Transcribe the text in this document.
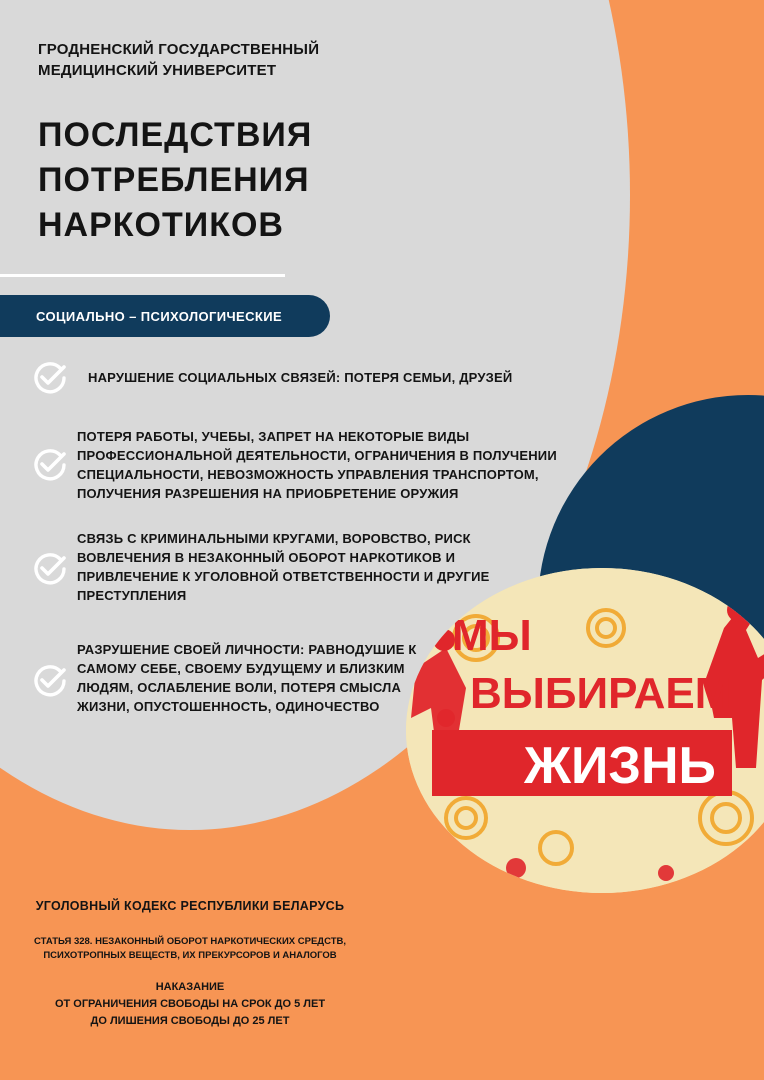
ГРОДНЕНСКИЙ ГОСУДАРСТВЕННЫЙ
МЕДИЦИНСКИЙ УНИВЕРСИТЕТ
ПОСЛЕДСТВИЯ
ПОТРЕБЛЕНИЯ
НАРКОТИКОВ
СОЦИАЛЬНО – ПСИХОЛОГИЧЕСКИЕ
НАРУШЕНИЕ СОЦИАЛЬНЫХ СВЯЗЕЙ: ПОТЕРЯ СЕМЬИ, ДРУЗЕЙ
ПОТЕРЯ РАБОТЫ, УЧЕБЫ, ЗАПРЕТ НА НЕКОТОРЫЕ ВИДЫ
ПРОФЕССИОНАЛЬНОЙ ДЕЯТЕЛЬНОСТИ, ОГРАНИЧЕНИЯ В ПОЛУЧЕНИИ
СПЕЦИАЛЬНОСТИ, НЕВОЗМОЖНОСТЬ УПРАВЛЕНИЯ ТРАНСПОРТОМ,
ПОЛУЧЕНИЯ РАЗРЕШЕНИЯ НА ПРИОБРЕТЕНИЕ ОРУЖИЯ
СВЯЗЬ С КРИМИНАЛЬНЫМИ КРУГАМИ, ВОРОВСТВО, РИСК
ВОВЛЕЧЕНИЯ В НЕЗАКОННЫЙ ОБОРОТ НАРКОТИКОВ И
ПРИВЛЕЧЕНИЕ К УГОЛОВНОЙ ОТВЕТСТВЕННОСТИ И ДРУГИЕ
ПРЕСТУПЛЕНИЯ
РАЗРУШЕНИЕ СВОЕЙ ЛИЧНОСТИ: РАВНОДУШИЕ К
САМОМУ СЕБЕ, СВОЕМУ БУДУЩЕМУ И БЛИЗКИМ
ЛЮДЯМ, ОСЛАБЛЕНИЕ ВОЛИ, ПОТЕРЯ СМЫСЛА
ЖИЗНИ, ОПУСТОШЕННОСТЬ, ОДИНОЧЕСТВО
МЫ
ВЫБИРАЕМ
ЖИЗНЬ
УГОЛОВНЫЙ КОДЕКС РЕСПУБЛИКИ БЕЛАРУСЬ
СТАТЬЯ 328. НЕЗАКОННЫЙ ОБОРОТ НАРКОТИЧЕСКИХ СРЕДСТВ,
ПСИХОТРОПНЫХ ВЕЩЕСТВ, ИХ ПРЕКУРСОРОВ И АНАЛОГОВ
НАКАЗАНИЕ
ОТ ОГРАНИЧЕНИЯ СВОБОДЫ НА СРОК ДО 5 ЛЕТ
ДО ЛИШЕНИЯ СВОБОДЫ ДО 25 ЛЕТ
